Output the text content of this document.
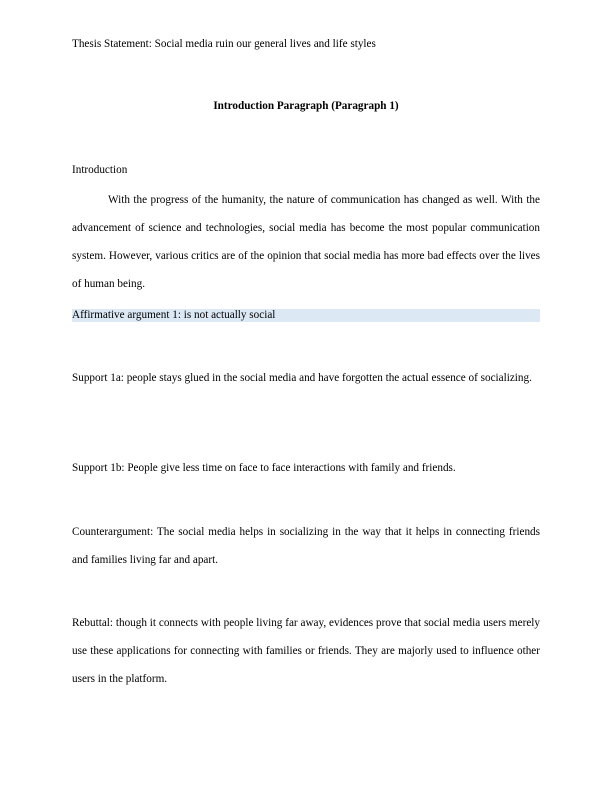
Thesis Statement: Social media ruin our general lives and life styles
Introduction Paragraph (Paragraph 1)
Introduction
With the progress of the humanity, the nature of communication has changed as well. With the advancement of science and technologies, social media has become the most popular communication system. However, various critics are of the opinion that social media has more bad effects over the lives of human being.
Affirmative argument 1: is not actually social
Support 1a: people stays glued in the social media and have forgotten the actual essence of socializing.
Support 1b: People give less time on face to face interactions with family and friends.
Counterargument: The social media helps in socializing in the way that it helps in connecting friends and families living far and apart.
Rebuttal: though it connects with people living far away, evidences prove that social media users merely use these applications for connecting with families or friends. They are majorly used to influence other users in the platform.
